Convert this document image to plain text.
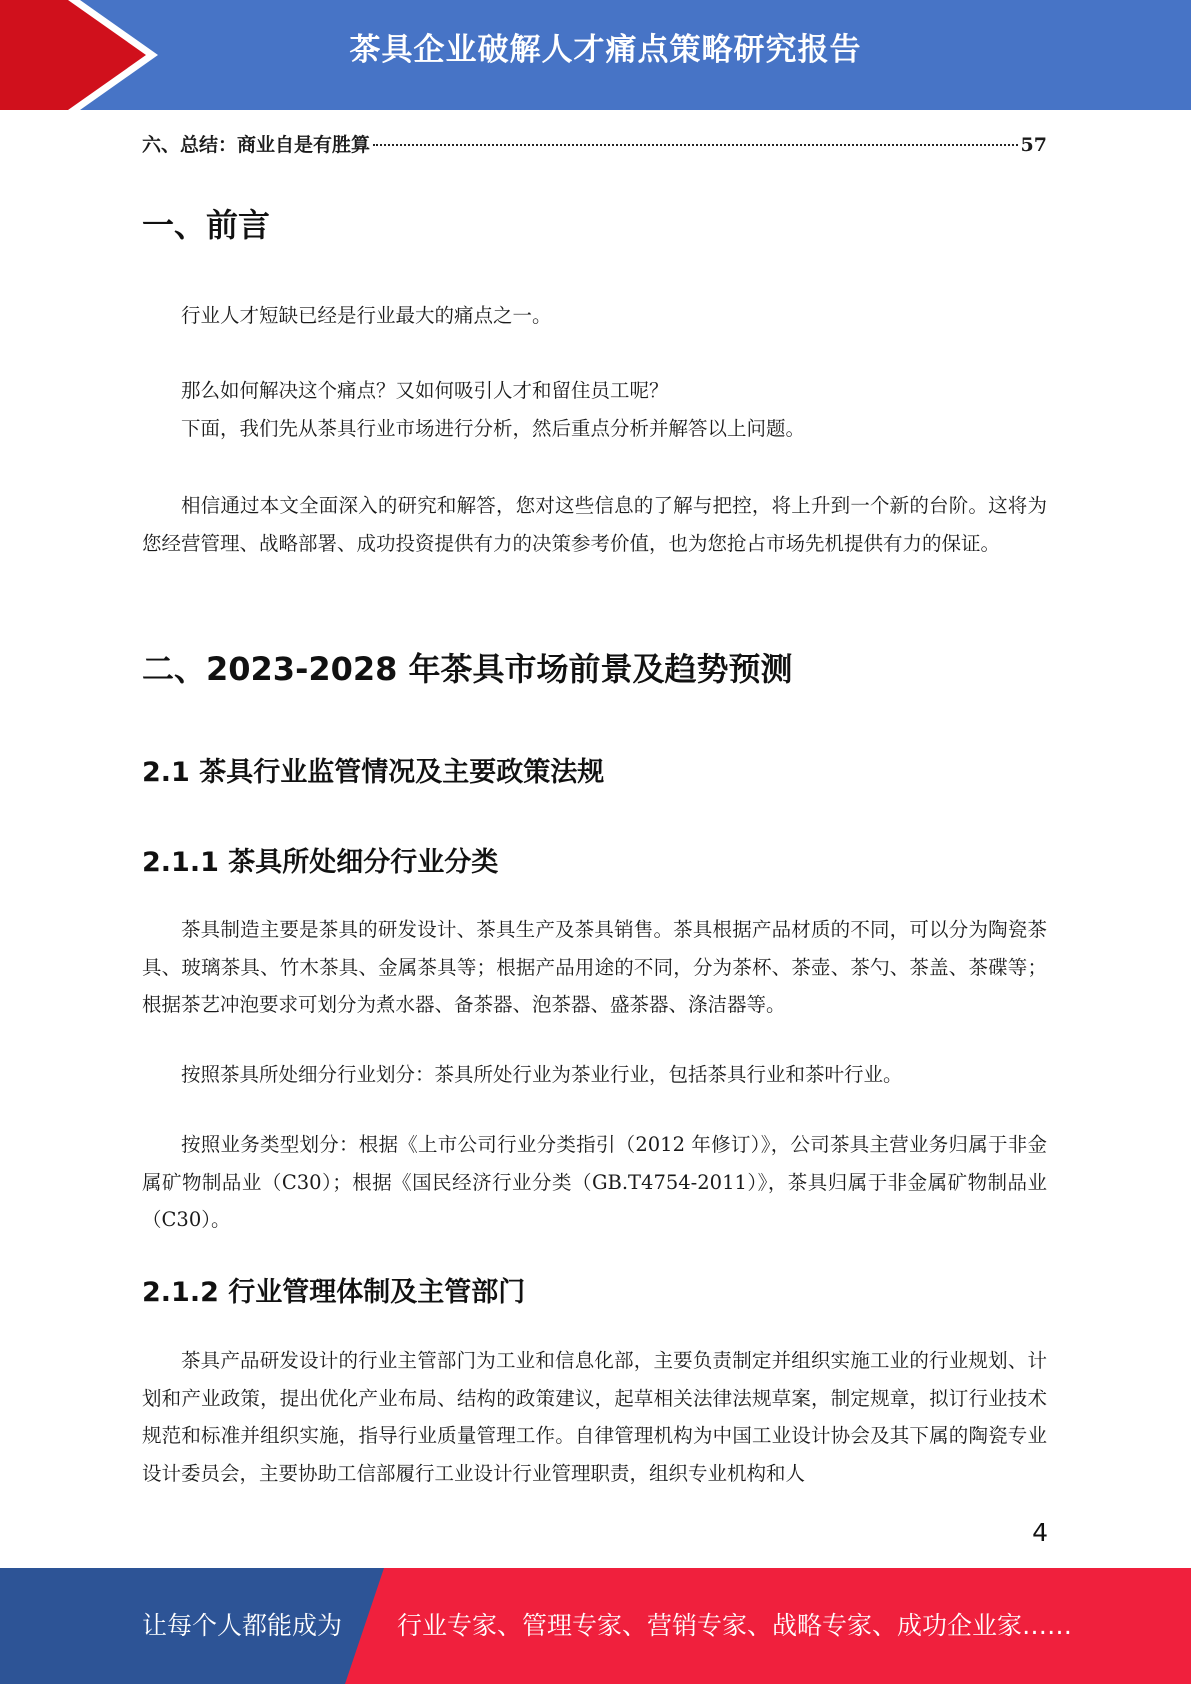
茶具企业破解人才痛点策略研究报告
六、总结：商业自是有胜算	57
一、前言

行业人才短缺已经是行业最大的痛点之一。

那么如何解决这个痛点？又如何吸引人才和留住员工呢？

下面，我们先从茶具行业市场进行分析，然后重点分析并解答以上问题。

相信通过本文全面深入的研究和解答，您对这些信息的了解与把控，将上升到一个新的台阶。这将为您经营管理、战略部署、成功投资提供有力的决策参考价值，也为您抢占市场先机提供有力的保证。

二、2023-2028 年茶具市场前景及趋势预测
2.1 茶具行业监管情况及主要政策法规
2.1.1 茶具所处细分行业分类

茶具制造主要是茶具的研发设计、茶具生产及茶具销售。茶具根据产品材质的不同，可以分为陶瓷茶具、玻璃茶具、竹木茶具、金属茶具等；根据产品用途的不同，分为茶杯、茶壶、茶勺、茶盖、茶碟等；根据茶艺冲泡要求可划分为煮水器、备茶器、泡茶器、盛茶器、涤洁器等。

按照茶具所处细分行业划分：茶具所处行业为茶业行业，包括茶具行业和茶叶行业。

按照业务类型划分：根据《上市公司行业分类指引（2012 年修订）》，公司茶具主营业务归属于非金属矿物制品业（C30）；根据《国民经济行业分类（GB.T4754-2011）》，茶具归属于非金属矿物制品业（C30）。

2.1.2 行业管理体制及主管部门

茶具产品研发设计的行业主管部门为工业和信息化部，主要负责制定并组织实施工业的行业规划、计划和产业政策，提出优化产业布局、结构的政策建议，起草相关法律法规草案，制定规章，拟订行业技术规范和标准并组织实施，指导行业质量管理工作。自律管理机构为中国工业设计协会及其下属的陶瓷专业设计委员会，主要协助工信部履行工业设计行业管理职责，组织专业机构和人

4
让每个人都能成为 行业专家、管理专家、营销专家、战略专家、成功企业家……
